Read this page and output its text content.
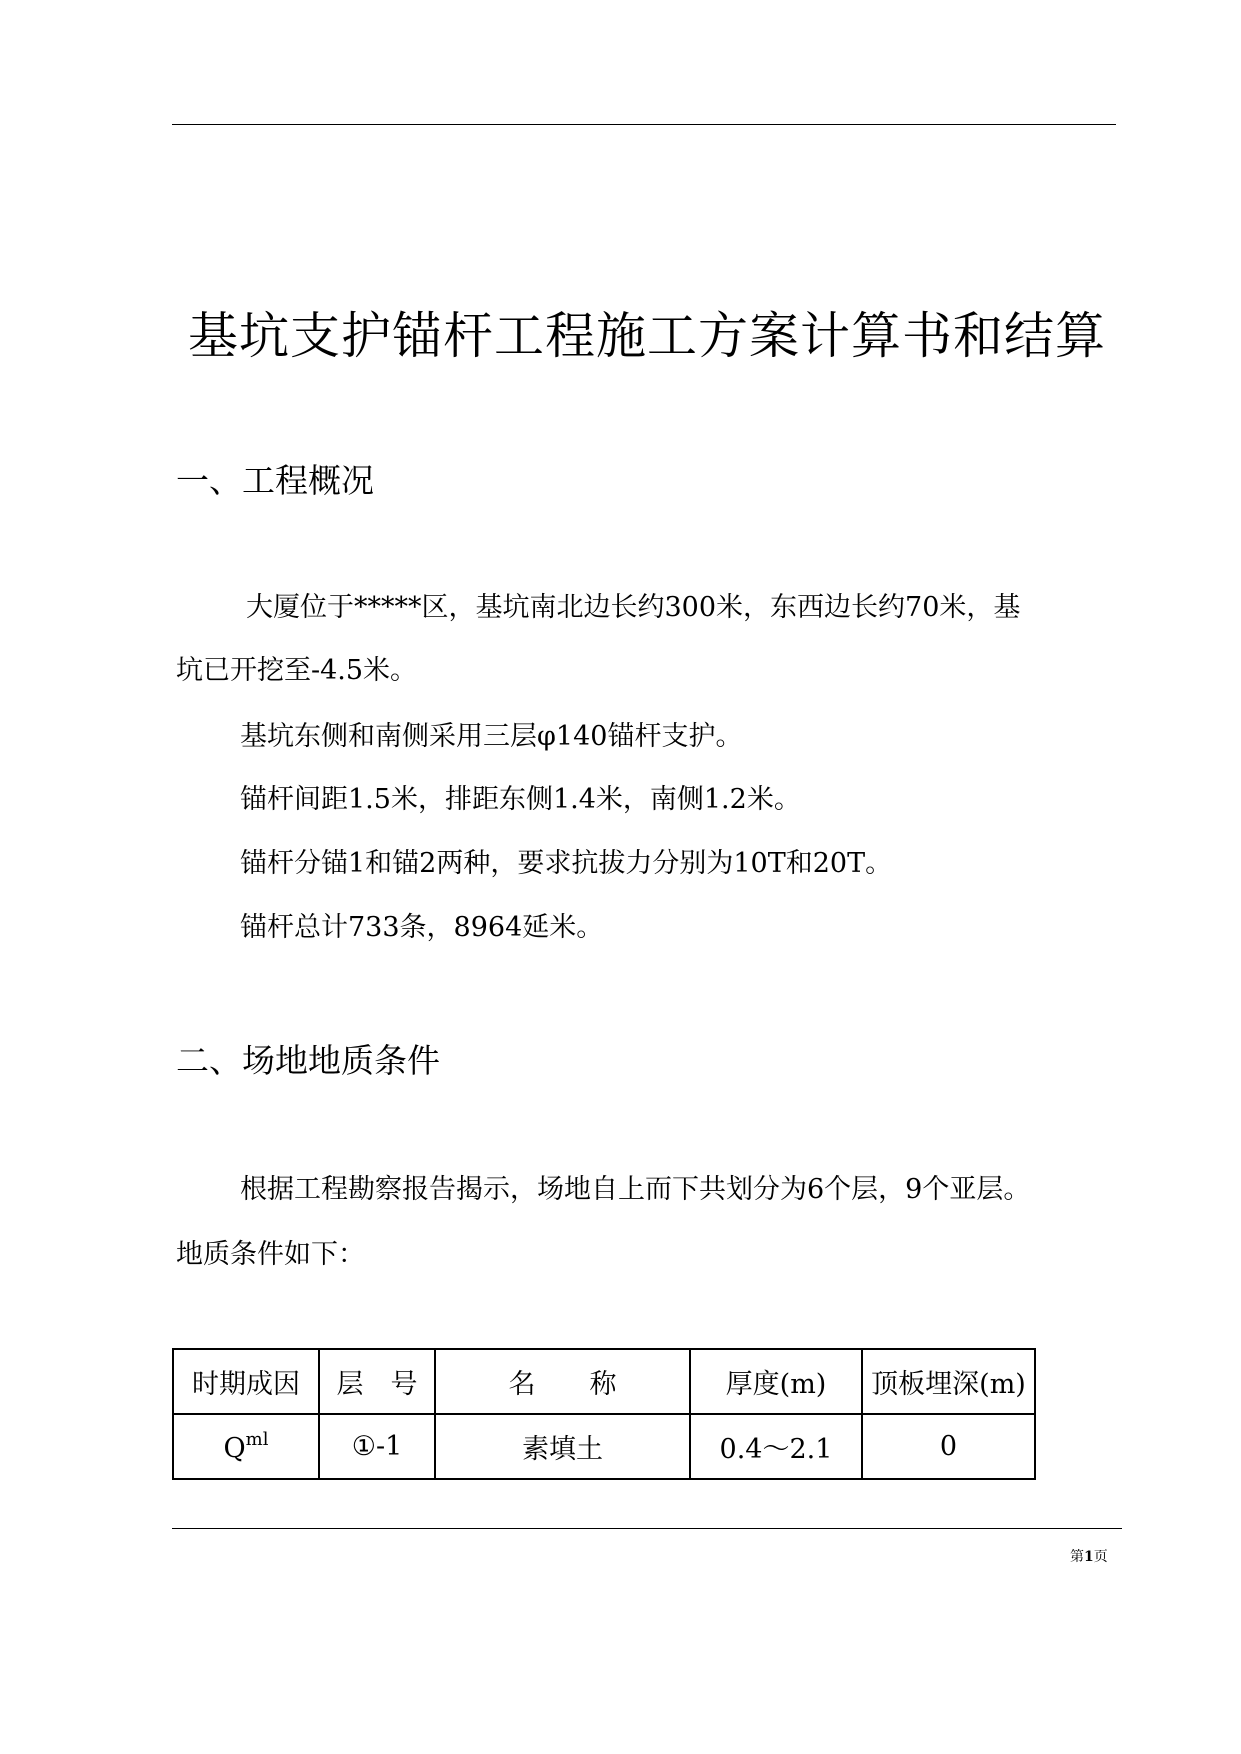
基坑支护锚杆工程施工方案计算书和结算
一、工程概况
大厦位于*****区，基坑南北边长约300米，东西边长约70米，基
坑已开挖至-4.5米。
基坑东侧和南侧采用三层φ140锚杆支护。
锚杆间距1.5米，排距东侧1.4米，南侧1.2米。
锚杆分锚1和锚2两种，要求抗拔力分别为10T和20T。
锚杆总计733条，8964延米。
二、场地地质条件
根据工程勘察报告揭示，场地自上而下共划分为6个层，9个亚层。
地质条件如下：
时期成因	层　号	名　　称	厚度(m)	顶板埋深(m)
$Q^{ml}$	①-1	素填土	0.4～2.1	0
第1页
